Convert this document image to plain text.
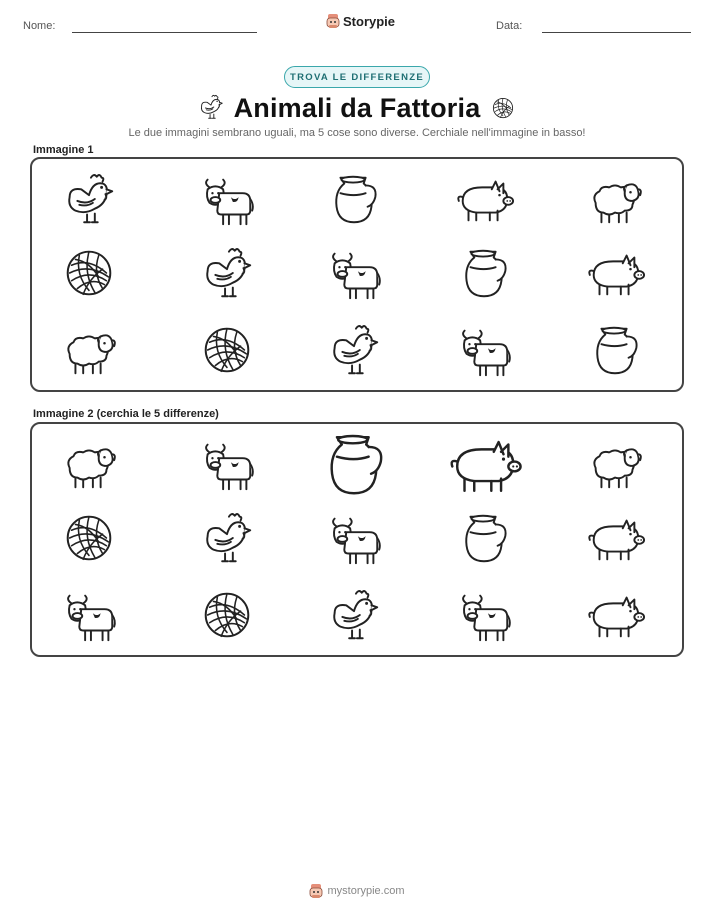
Nome:	Storypie	Data:
TROVA LE DIFFERENZE
Animali da Fattoria
Le due immagini sembrano uguali, ma 5 cose sono diverse. Cerchiale nell'immagine in basso!
Immagine 1
Immagine 2 (cerchia le 5 differenze)
mystorypie.com
